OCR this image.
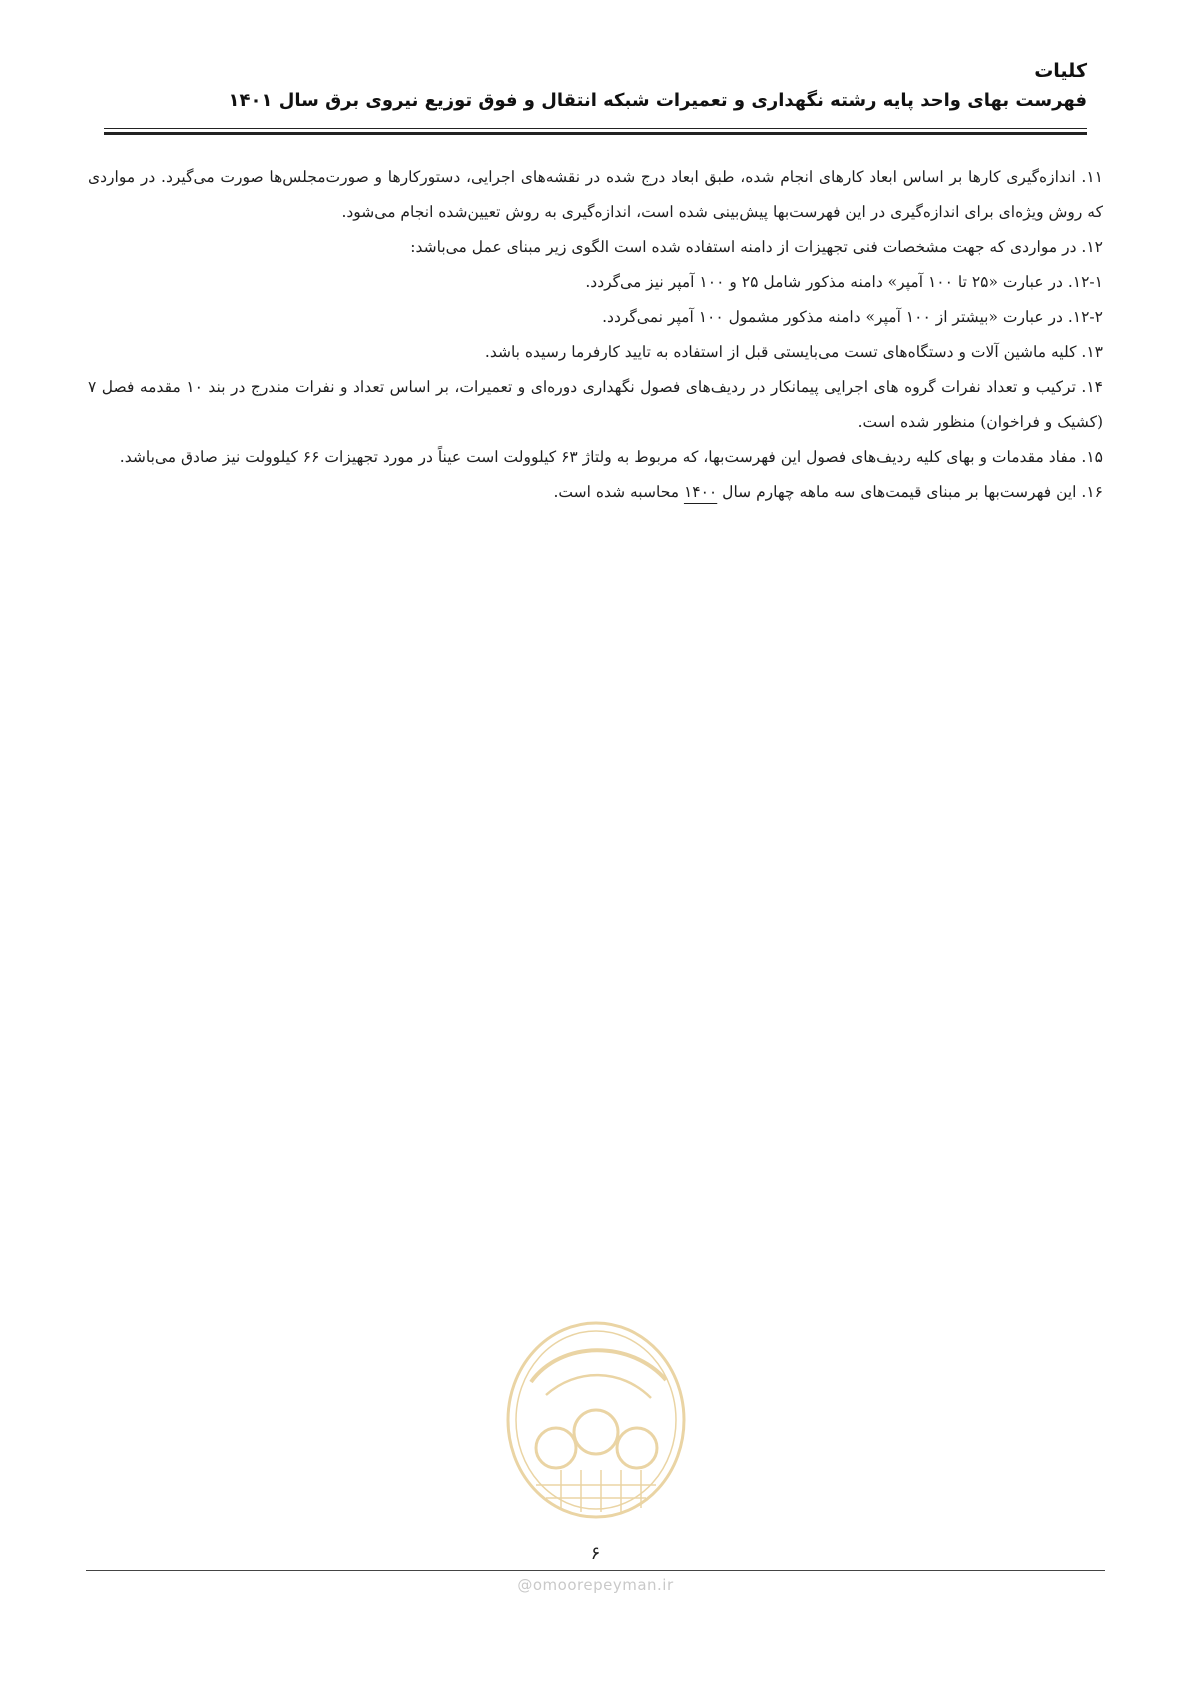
کلیات
فهرست بهای واحد پایه رشته نگهداری و تعمیرات شبکه انتقال و فوق توزیع نیروی برق سال ۱۴۰۱

۱۱. اندازه‌گیری کارها بر اساس ابعاد کارهای انجام شده، طبق ابعاد درج شده در نقشه‌های اجرایی، دستورکارها و صورت‌مجلس‌ها صورت می‌گیرد. در مواردی که روش ویژه‌ای برای اندازه‌گیری در این فهرست‌بها پیش‌بینی شده است، اندازه‌گیری به روش تعیین‌شده انجام می‌شود.

۱۲. در مواردی که جهت مشخصات فنی تجهیزات از دامنه استفاده شده است الگوی زیر مبنای عمل می‌باشد:

۱۲-۱. در عبارت «۲۵ تا ۱۰۰ آمپر» دامنه مذکور شامل ۲۵ و ۱۰۰ آمپر نیز می‌گردد.

۱۲-۲. در عبارت «بیشتر از ۱۰۰ آمپر» دامنه مذکور مشمول ۱۰۰ آمپر نمی‌گردد.

۱۳. کلیه ماشین آلات و دستگاه‌های تست می‌بایستی قبل از استفاده به تایید کارفرما رسیده باشد.

۱۴. ترکیب و تعداد نفرات گروه های اجرایی پیمانکار در ردیف‌های فصول نگهداری دوره‌ای و تعمیرات، بر اساس تعداد و نفرات مندرج در بند ۱۰ مقدمه فصل ۷ (کشیک و فراخوان) منظور شده است.

۱۵. مفاد مقدمات و بهای کلیه ردیف‌های فصول این فهرست‌بها، که مربوط به ولتاژ ۶۳ کیلوولت است عیناً در مورد تجهیزات ۶۶ کیلوولت نیز صادق می‌باشد.

۱۶. این فهرست‌بها بر مبنای قیمت‌های سه ماهه چهارم سال ۱۴۰۰ محاسبه شده است.

۶
@omoorepeyman.ir
